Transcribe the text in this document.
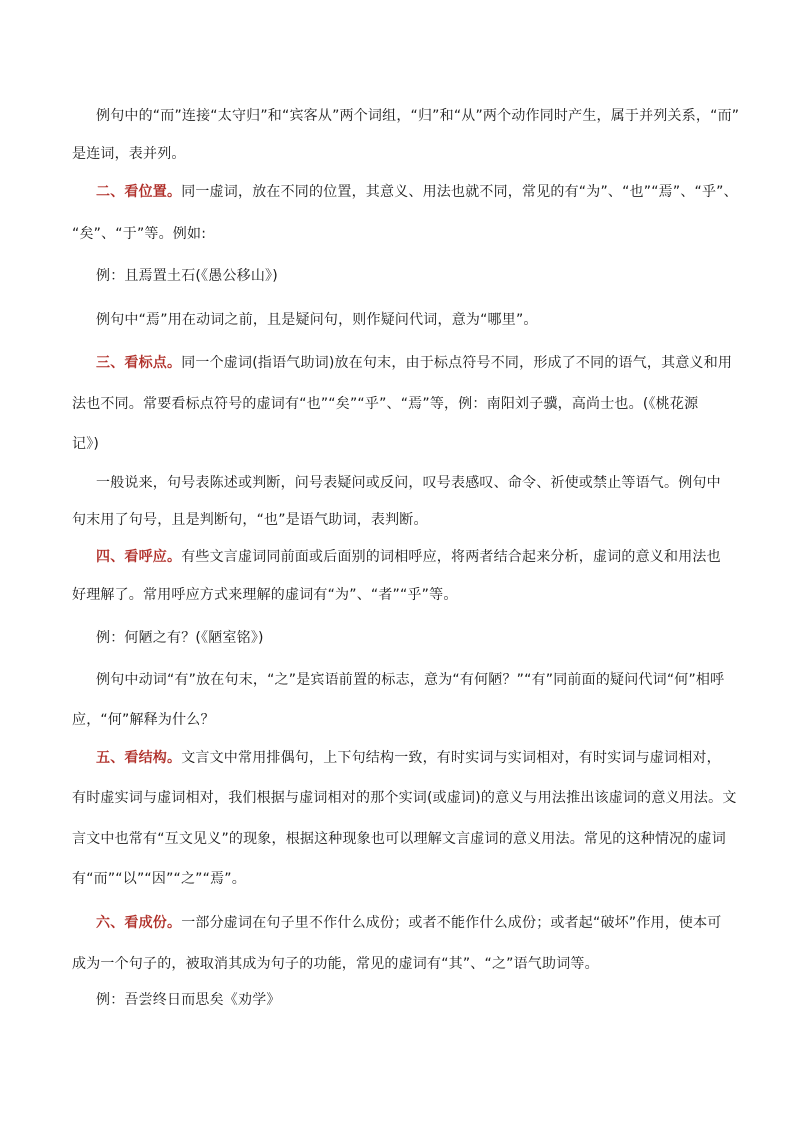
例句中的“而”连接“太守归”和“宾客从”两个词组，“归”和“从”两个动作同时产生，属于并列关系，“而”
是连词，表并列。
二、看位置。同一虚词，放在不同的位置，其意义、用法也就不同，常见的有“为”、“也”“焉”、“乎”、
“矣”、“于”等。例如:
例：且焉置土石(《愚公移山》)
例句中“焉”用在动词之前，且是疑问句，则作疑问代词，意为“哪里”。
三、看标点。同一个虚词(指语气助词)放在句末，由于标点符号不同，形成了不同的语气，其意义和用
法也不同。常要看标点符号的虚词有“也”“矣”“乎”、“焉”等，例：南阳刘子骥，高尚士也。(《桃花源
记》)
一般说来，句号表陈述或判断，问号表疑问或反问，叹号表感叹、命令、祈使或禁止等语气。例句中
句末用了句号，且是判断句，“也”是语气助词，表判断。
四、看呼应。有些文言虚词同前面或后面别的词相呼应，将两者结合起来分析，虚词的意义和用法也
好理解了。常用呼应方式来理解的虚词有“为”、“者”“乎”等。
例：何陋之有？(《陋室铭》)
例句中动词“有”放在句末，“之”是宾语前置的标志，意为“有何陋？”“有”同前面的疑问代词“何”相呼
应，“何”解释为什么？
五、看结构。文言文中常用排偶句，上下句结构一致，有时实词与实词相对，有时实词与虚词相对，
有时虚实词与虚词相对，我们根据与虚词相对的那个实词(或虚词)的意义与用法推出该虚词的意义用法。文
言文中也常有“互文见义”的现象，根据这种现象也可以理解文言虚词的意义用法。常见的这种情况的虚词
有“而”“以”“因”“之”“焉”。
六、看成份。一部分虚词在句子里不作什么成份；或者不能作什么成份；或者起“破坏”作用，使本可
成为一个句子的，被取消其成为句子的功能，常见的虚词有“其”、“之”语气助词等。
例：吾尝终日而思矣《劝学》
